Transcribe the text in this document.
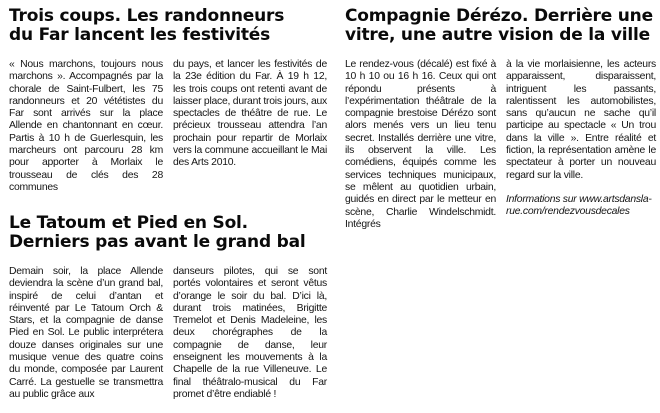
Trois coups. Les randonneurs
du Far lancent les festivités

« Nous marchons, toujours nous marchons ». Accompagnés par la chorale de Saint-Fulbert, les 75 randonneurs et 20 vététistes du Far sont arrivés sur la place Allende en chantonnant en cœur. Partis à 10 h de Guerlesquin, les marcheurs ont parcouru 28 km pour apporter à Morlaix le trousseau de clés des 28 communes

du pays, et lancer les festivités de la 23e édition du Far. À 19 h 12, les trois coups ont retenti avant de laisser place, durant trois jours, aux spectacles de théâtre de rue. Le précieux trousseau attendra l’an prochain pour repartir de Morlaix vers la commune accueillant le Mai des Arts 2010.

Le Tatoum et Pied en Sol.
Derniers pas avant le grand bal

Demain soir, la place Allende deviendra la scène d’un grand bal, inspiré de celui d’antan et réinventé par Le Tatoum Orch & Stars, et la compagnie de danse Pied en Sol. Le public interprétera douze danses originales sur une musique venue des quatre coins du monde, composée par Laurent Carré. La gestuelle se transmettra au public grâce aux

danseurs pilotes, qui se sont portés volontaires et seront vêtus d’orange le soir du bal. D’ici là, durant trois matinées, Brigitte Tremelot et Denis Madeleine, les deux chorégraphes de la compagnie de danse, leur enseignent les mouvements à la Chapelle de la rue Villeneuve. Le final théâtralo-musical du Far promet d’être endiablé !

Compagnie Dérézo. Derrière une
vitre, une autre vision de la ville

Le rendez-vous (décalé) est fixé à 10 h 10 ou 16 h 16. Ceux qui ont répondu présents à l’expérimentation théâtrale de la compagnie brestoise Dérézo sont alors menés vers un lieu tenu secret. Installés derrière une vitre, ils observent la ville. Les comédiens, équipés comme les services techniques municipaux, se mêlent au quotidien urbain, guidés en direct par le metteur en scène, Charlie Windelschmidt. Intégrés

à la vie morlaisienne, les acteurs apparaissent, disparaissent, intriguent les passants, ralentissent les automobilistes, sans qu’aucun ne sache qu’il participe au spectacle « Un trou dans la ville ». Entre réalité et fiction, la représentation amène le spectateur à porter un nouveau regard sur la ville.

Informations sur www.artsdansla-rue.com/rendezvousdecales
